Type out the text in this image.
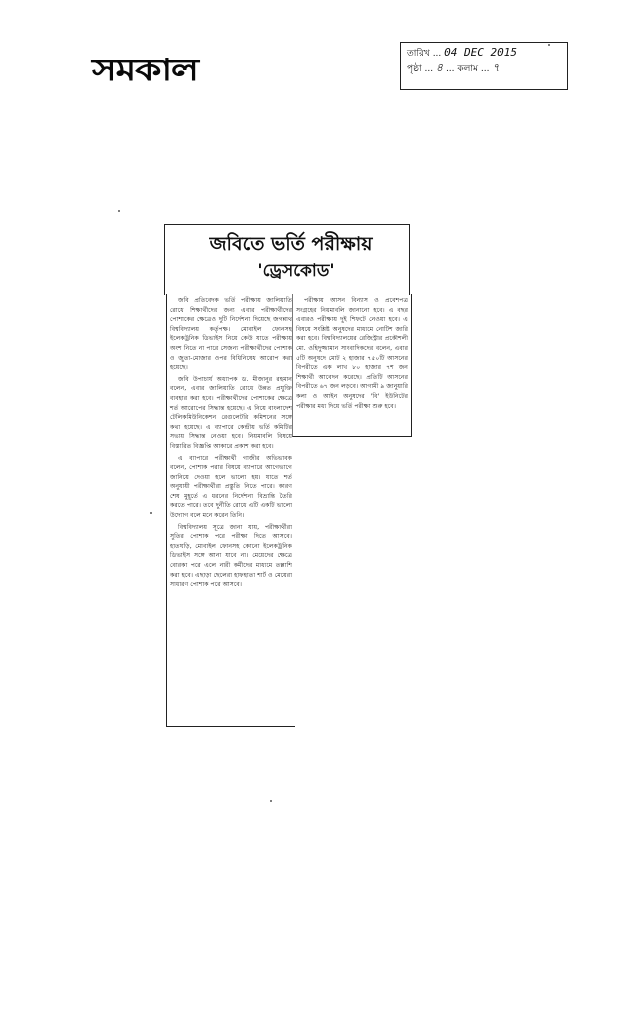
সমকাল	তারিখ ... 04 DEC 2015
পৃষ্ঠা ... ৪ ... কলাম ... ৭
জবিতে ভর্তি পরীক্ষায়
'ড্রেসকোড'

জবি প্রতিবেদক ভর্তি পরীক্ষায় জালিয়াতি রোধে শিক্ষার্থীদের জন্য এবার পরীক্ষার্থীদের পোশাকের ক্ষেত্রেও দুটি নির্দেশনা দিয়েছে জগন্নাথ বিশ্ববিদ্যালয় কর্তৃপক্ষ। মোবাইল ফোনসহ ইলেকট্রনিক ডিভাইস নিয়ে কেউ যাতে পরীক্ষায় অংশ নিতে না পারে সেজন্য পরীক্ষার্থীদের পোশাক ও জুতা-মোজার ওপর বিধিনিষেধ আরোপ করা হয়েছে।

জবি উপাচার্য অধ্যাপক ড. মীজানুর রহমান বলেন, এবার জালিয়াতি রোধে উন্নত প্রযুক্তি ব্যবহার করা হবে। পরীক্ষার্থীদের পোশাকের ক্ষেত্রে শর্ত আরোপের সিদ্ধান্ত হয়েছে। এ নিয়ে বাংলাদেশ টেলিকমিউনিকেশন রেগুলেটরি কমিশনের সঙ্গে কথা হয়েছে। এ ব্যাপারে কেন্দ্রীয় ভর্তি কমিটির সভায় সিদ্ধান্ত নেওয়া হবে। নিয়মাবলি বিষয়ে বিস্তারিত বিজ্ঞপ্তি আকারে প্রকাশ করা হবে।

এ ব্যাপারে পরীক্ষার্থী গাজীর অভিভাবক বলেন, পোশাক পরার বিষয়ে ব্যাপারে আগেভাগে জানিয়ে দেওয়া হলে ভালো হয়। যাতে শর্ত অনুযায়ী পরীক্ষার্থীরা প্রস্তুতি নিতে পারে। কারণ শেষ মুহূর্তে এ ধরনের নির্দেশনা বিভ্রান্তি তৈরি করতে পারে। তবে দুর্নীতি রোধে এটি একটি ভালো উদ্যোগ বলে মনে করেন তিনি।

বিশ্ববিদ্যালয় সূত্রে জানা যায়, পরীক্ষার্থীরা সুতির পোশাক পরে পরীক্ষা দিতে আসবে। হাতঘড়ি, মোবাইল ফোনসহ কোনো ইলেকট্রনিক ডিভাইস সঙ্গে আনা যাবে না। মেয়েদের ক্ষেত্রে বোরকা পরে এলে নারী কর্মীদের মাধ্যমে তল্লাশি করা হবে। এছাড়া ছেলেরা হাফহাতা শার্ট ও মেয়েরা সাধারণ পোশাক পরে আসবে।

পরীক্ষায় আসন বিন্যাস ও প্রবেশপত্র সংগ্রহের নিয়মাবলি জানানো হবে। এ বছর এবারও পরীক্ষায় দুই শিফটে নেওয়া হবে। এ বিষয়ে সংশ্লিষ্ট অনুষদের মাধ্যমে নোটিশ জারি করা হবে। বিশ্ববিদ্যালয়ের রেজিস্ট্রার প্রকৌশলী মো. ওহিদুজ্জামান সাংবাদিকদের বলেন, এবার ৫টি অনুষদে মোট ২ হাজার ৭৫০টি আসনের বিপরীতে এক লাখ ৮০ হাজার ৭শ জন শিক্ষার্থী আবেদন করেছে। প্রতিটি আসনের বিপরীতে ৬৭ জন লড়বে। আগামী ৯ জানুয়ারি কলা ও আইন অনুষদের 'বি' ইউনিটের পরীক্ষার মধ্য দিয়ে ভর্তি পরীক্ষা শুরু হবে।
